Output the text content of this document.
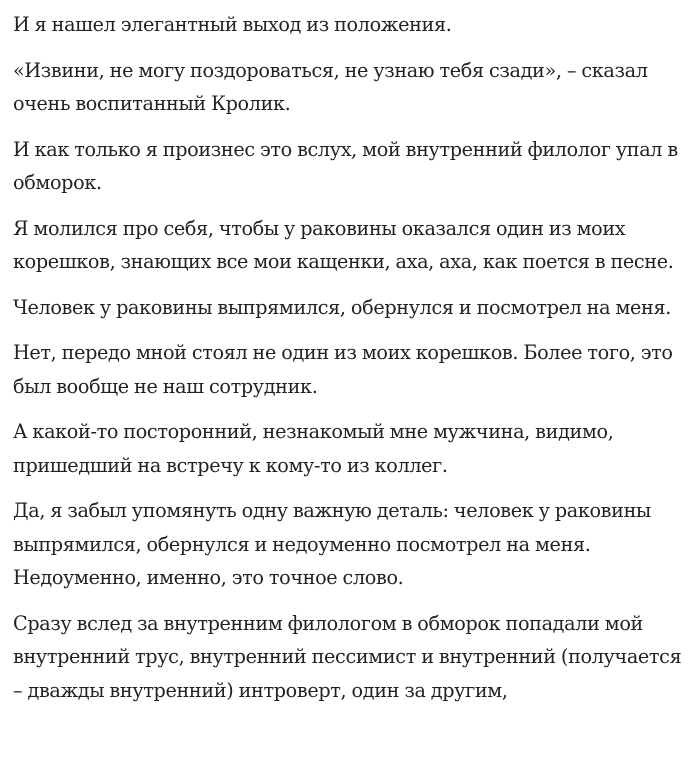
И я нашел элегантный выход из положения.

«Извини, не могу поздороваться, не узнаю тебя сзади», – сказал очень воспитанный Кролик.

И как только я произнес это вслух, мой внутренний филолог упал в обморок.

Я молился про себя, чтобы у раковины оказался один из моих корешков, знающих все мои кащенки, аха, аха, как поется в песне.

Человек у раковины выпрямился, обернулся и посмотрел на меня.

Нет, передо мной стоял не один из моих корешков. Более того, это был вообще не наш сотрудник.

А какой-то посторонний, незнакомый мне мужчина, видимо, пришедший на встречу к кому-то из коллег.

Да, я забыл упомянуть одну важную деталь: человек у раковины выпрямился, обернулся и недоуменно посмотрел на меня. Недоуменно, именно, это точное слово.

Сразу вслед за внутренним филологом в обморок попадали мой внутренний трус, внутренний пессимист и внутренний (получается – дважды внутренний) интроверт, один за другим,
